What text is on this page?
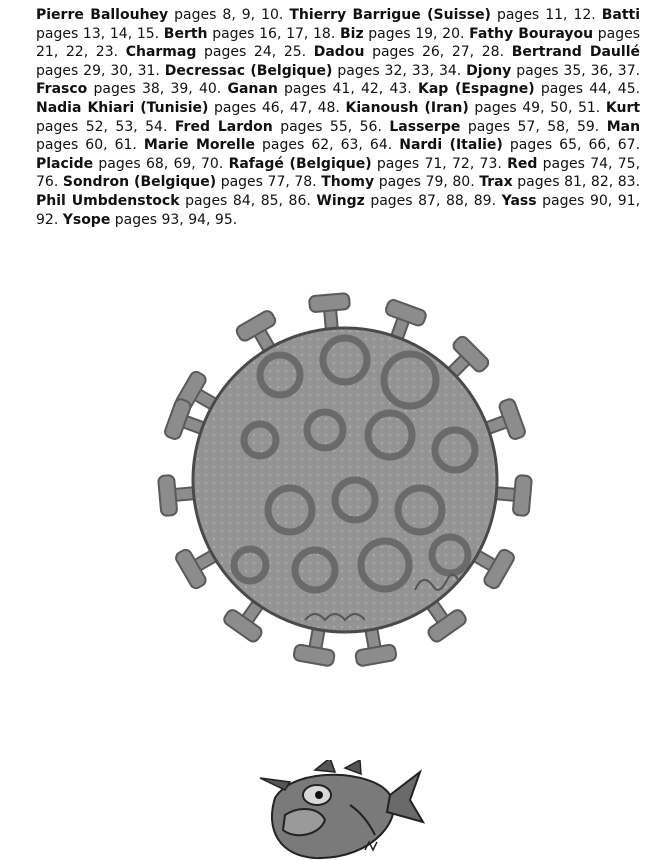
Pierre Ballouhey pages 8, 9, 10. Thierry Barrigue (Suisse) pages 11, 12. Batti pages 13, 14, 15. Berth pages 16, 17, 18. Biz pages 19, 20. Fathy Bourayou pages 21, 22, 23. Charmag pages 24, 25. Dadou pages 26, 27, 28. Bertrand Daullé pages 29, 30, 31. Decressac (Belgique) pages 32, 33, 34. Djony pages 35, 36, 37. Frasco pages 38, 39, 40. Ganan pages 41, 42, 43. Kap (Espagne) pages 44, 45. Nadia Khiari (Tunisie) pages 46, 47, 48. Kianoush (Iran) pages 49, 50, 51. Kurt pages 52, 53, 54. Fred Lardon pages 55, 56. Lasserpe pages 57, 58, 59. Man pages 60, 61. Marie Morelle pages 62, 63, 64. Nardi (Italie) pages 65, 66, 67. Placide pages 68, 69, 70. Rafagé (Belgique) pages 71, 72, 73. Red pages 74, 75, 76. Sondron (Belgique) pages 77, 78. Thomy pages 79, 80. Trax pages 81, 82, 83. Phil Umbdenstock pages 84, 85, 86. Wingz pages 87, 88, 89. Yass pages 90, 91, 92. Ysope pages 93, 94, 95.
